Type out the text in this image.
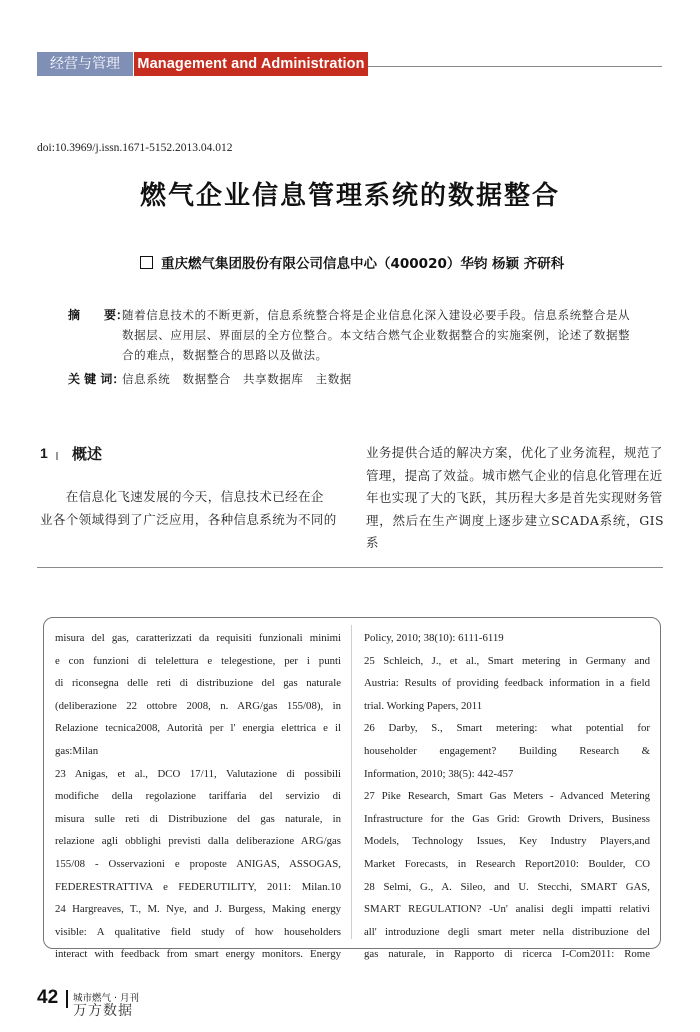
经营与管理	Management and Administration
doi:10.3969/j.issn.1671-5152.2013.04.012
燃气企业信息管理系统的数据整合
重庆燃气集团股份有限公司信息中心（400020）华钧 杨颖 齐研科
摘　　要：
随着信息技术的不断更新，信息系统整合将是企业信息化深入建设必要手段。信息系统整合是从
数据层、应用层、界面层的全方位整合。本文结合燃气企业数据整合的实施案例，论述了数据整
合的难点，数据整合的思路以及做法。
关 键 词：
信息系统　数据整合　共享数据库　主数据
1 概述
　　在信息化飞速发展的今天，信息技术已经在企
业各个领域得到了广泛应用，各种信息系统为不同的
业务提供合适的解决方案，优化了业务流程，规范了
管理，提高了效益。城市燃气企业的信息化管理在近
年也实现了大的飞跃，其历程大多是首先实现财务管
理，然后在生产调度上逐步建立SCADA系统，GIS系
misura del gas, caratterizzati da requisiti funzionali minimi
e con funzioni di telelettura e telegestione, per i punti
di riconsegna delle reti di distribuzione del gas naturale
(deliberazione 22 ottobre 2008, n. ARG/gas 155/08), in
Relazione tecnica2008, Autorità per l' energia elettrica e il
gas:Milan
23 Anigas, et al., DCO 17/11, Valutazione di possibili
modifiche della regolazione tariffaria del servizio di
misura sulle reti di Distribuzione del gas naturale, in
relazione agli obblighi previsti dalla deliberazione ARG/gas
155/08 - Osservazioni e proposte ANIGAS, ASSOGAS,
FEDERESTRATTIVA e FEDERUTILITY, 2011: Milan.10
24 Hargreaves, T., M. Nye, and J. Burgess, Making energy
visible: A qualitative field study of how householders
interact with feedback from smart energy monitors. Energy
Policy, 2010; 38(10): 6111-6119
25 Schleich, J., et al., Smart metering in Germany and
Austria: Results of providing feedback information in a field
trial. Working Papers, 2011
26 Darby, S., Smart metering: what potential for
householder engagement? Building Research &
Information, 2010; 38(5): 442-457
27 Pike Research, Smart Gas Meters - Advanced Metering
Infrastructure for the Gas Grid: Growth Drivers, Business
Models, Technology Issues, Key Industry Players,and
Market Forecasts, in Research Report2010: Boulder, CO
28 Selmi, G., A. Sileo, and U. Stecchi, SMART GAS,
SMART REGULATION? -Un' analisi degli impatti relativi
all' introduzione degli smart meter nella distribuzione del
gas naturale, in Rapporto di ricerca I-Com2011: Rome
42 城市燃气 · 月刊
万方数据
